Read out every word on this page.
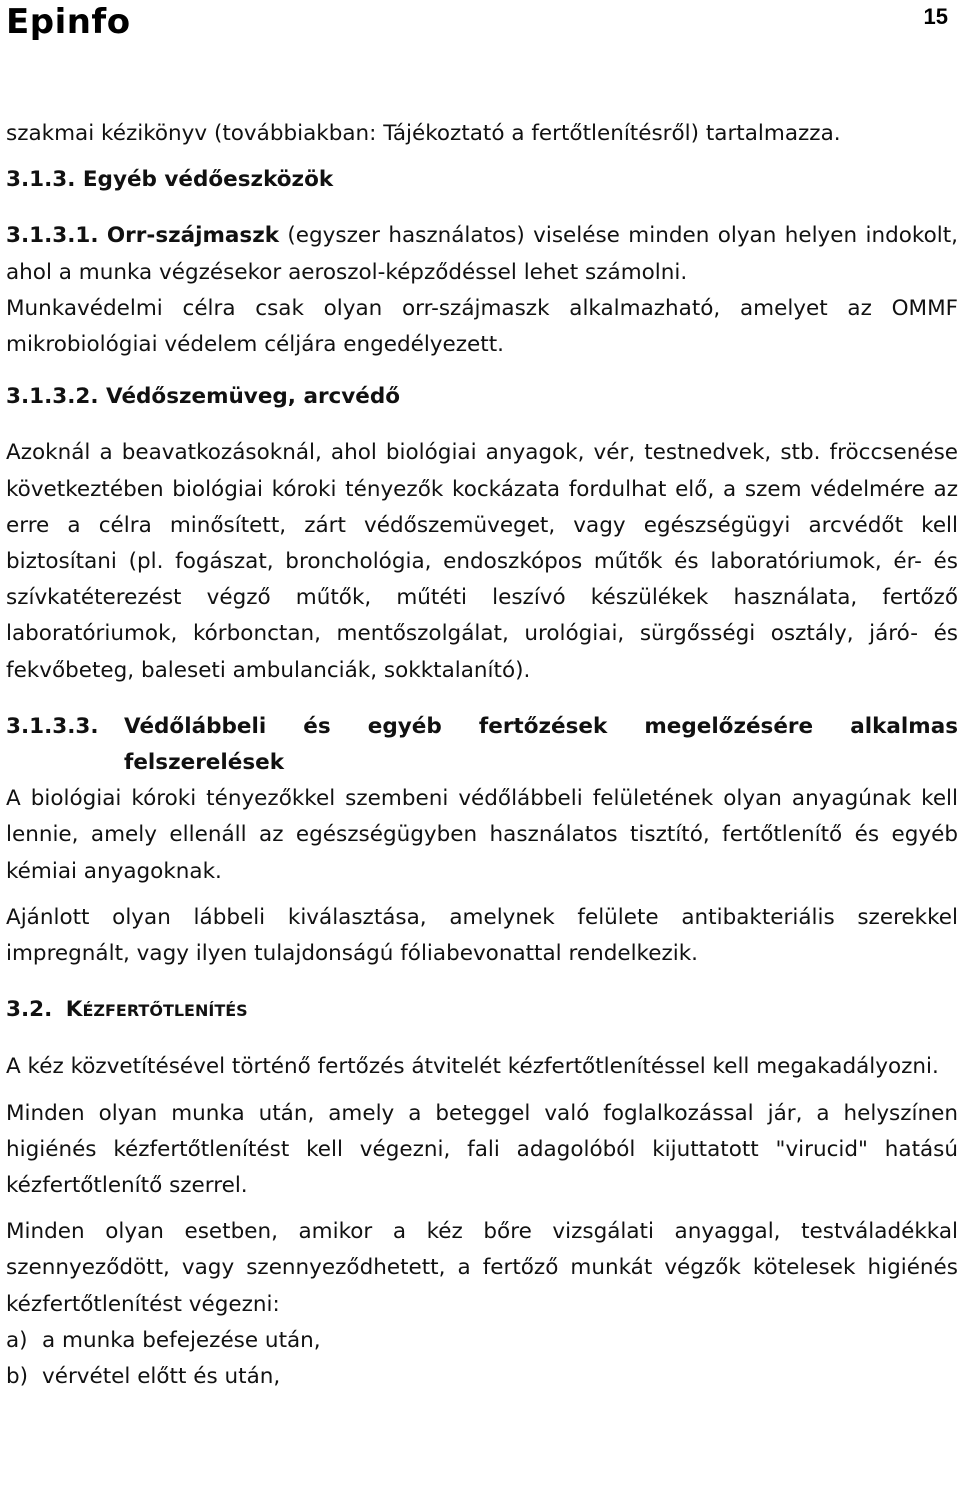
Epinfo	15

szakmai kézikönyv (továbbiakban: Tájékoztató a fertőtlenítésről) tartalmazza.

3.1.3. Egyéb védőeszközök

3.1.3.1. Orr-szájmaszk (egyszer használatos) viselése minden olyan helyen indokolt, ahol a munka végzésekor aeroszol-képződéssel lehet számolni.

Munkavédelmi célra csak olyan orr-szájmaszk alkalmazható, amelyet az OMMF mikrobiológiai védelem céljára engedélyezett.

3.1.3.2. Védőszemüveg, arcvédő

Azoknál a beavatkozásoknál, ahol biológiai anyagok, vér, testnedvek, stb. fröccsenése következtében biológiai kóroki tényezők kockázata fordulhat elő, a szem védelmére az erre a célra minősített, zárt védőszemüveget, vagy egészségügyi arcvédőt kell biztosítani (pl. fogászat, bronchológia, endoszkópos műtők és laboratóriumok, ér- és szívkatéterezést végző műtők, műtéti leszívó készülékek használata, fertőző laboratóriumok, kórbonctan, mentőszolgálat, urológiai, sürgősségi osztály, járó- és fekvőbeteg, baleseti ambulanciák, sokktalanító).

3.1.3.3.	Védőlábbeli és egyéb fertőzések megelőzésére alkalmas felszerelések

A biológiai kóroki tényezőkkel szembeni védőlábbeli felületének olyan anyagúnak kell lennie, amely ellenáll az egészségügyben használatos tisztító, fertőtlenítő és egyéb kémiai anyagoknak.

Ajánlott olyan lábbeli kiválasztása, amelynek felülete antibakteriális szerekkel impregnált, vagy ilyen tulajdonságú fóliabevonattal rendelkezik.

3.2. KÉZFERTŐTLENÍTÉS

A kéz közvetítésével történő fertőzés átvitelét kézfertőtlenítéssel kell megakadályozni.

Minden olyan munka után, amely a beteggel való foglalkozással jár, a helyszínen higiénés kézfertőtlenítést kell végezni, fali adagolóból kijuttatott "virucid" hatású kézfertőtlenítő szerrel.

Minden olyan esetben, amikor a kéz bőre vizsgálati anyaggal, testváladékkal szennyeződött, vagy szennyeződhetett, a fertőző munkát végzők kötelesek higiénés kézfertőtlenítést végezni:

a) a munka befejezése után,
b) vérvétel előtt és után,
